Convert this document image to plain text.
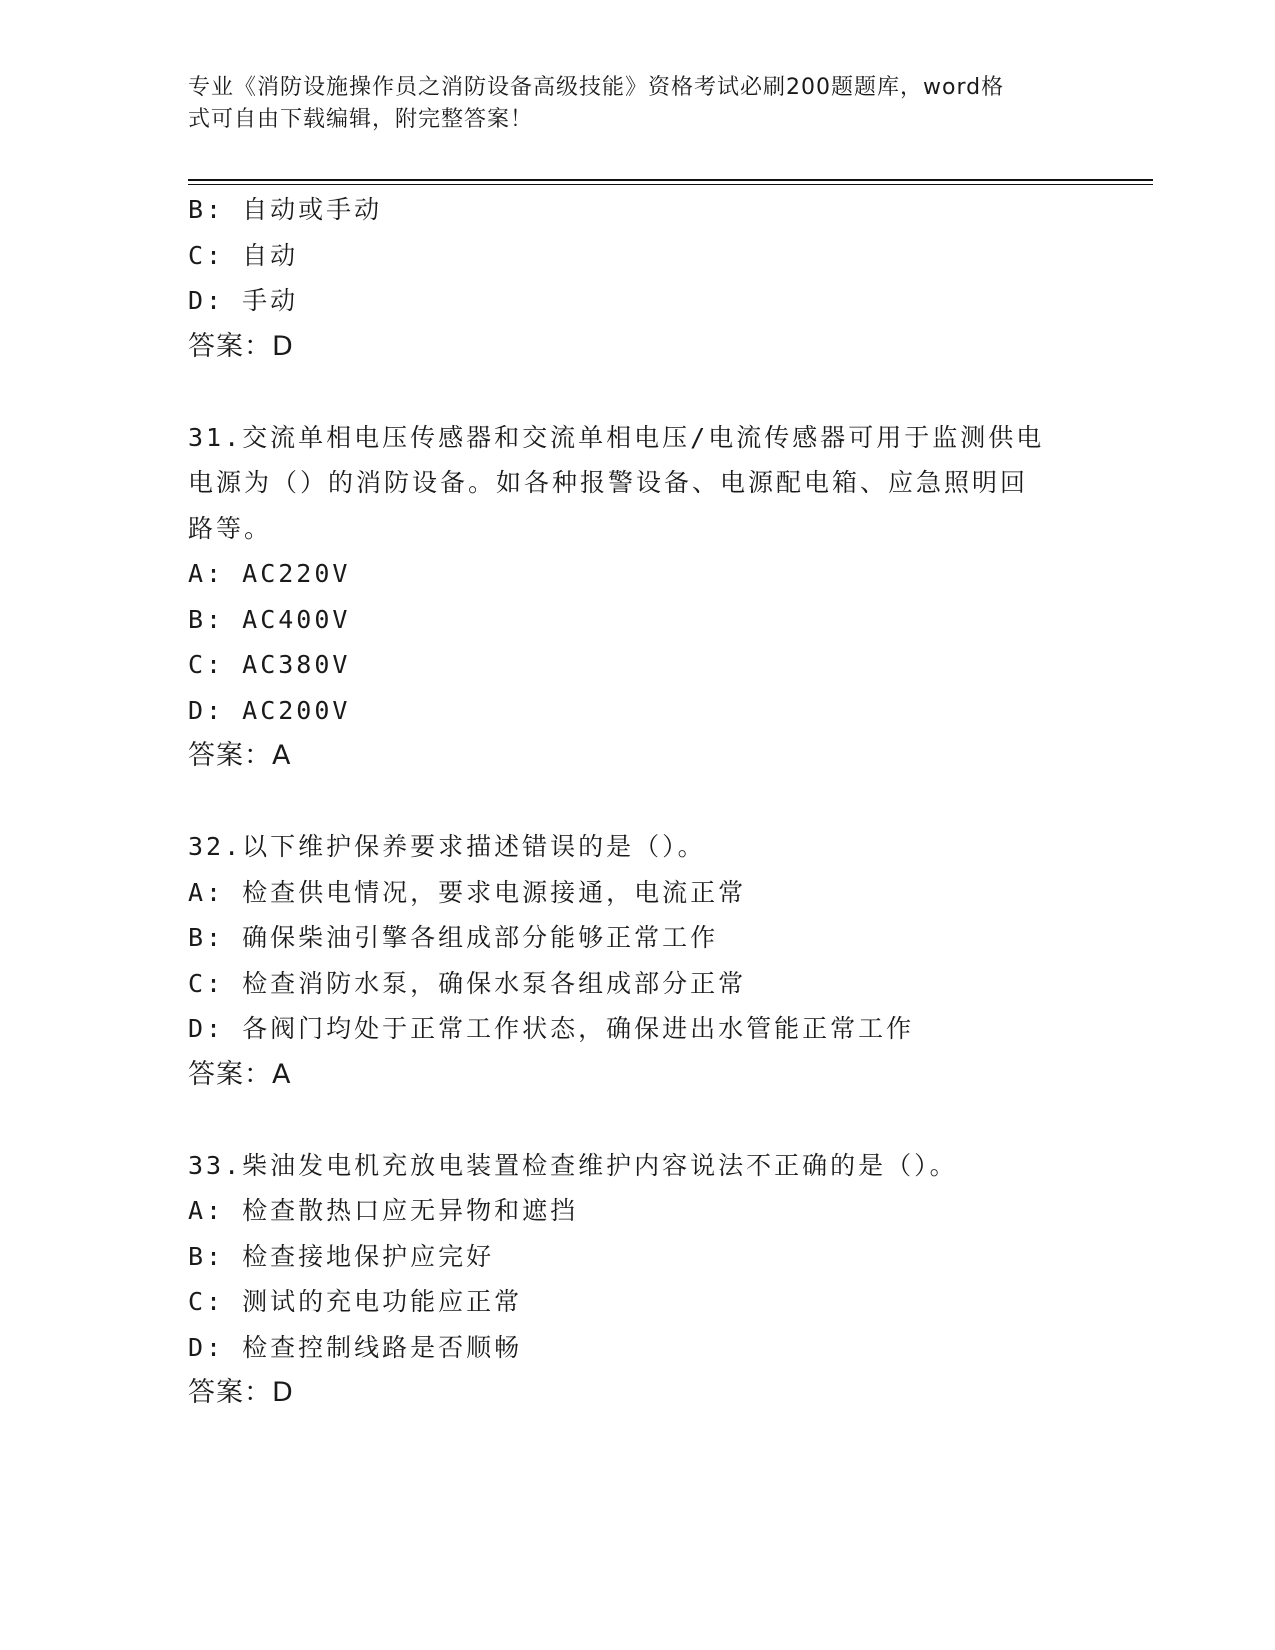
专业《消防设施操作员之消防设备高级技能》资格考试必刷200题题库，word格
式可自由下载编辑，附完整答案！
B: 自动或手动
C: 自动
D: 手动
答案：D
31.交流单相电压传感器和交流单相电压/电流传感器可用于监测供电
电源为（）的消防设备。如各种报警设备、电源配电箱、应急照明回
路等。
A: AC220V
B: AC400V
C: AC380V
D: AC200V
答案：A
32.以下维护保养要求描述错误的是（）。
A: 检查供电情况，要求电源接通，电流正常
B: 确保柴油引擎各组成部分能够正常工作
C: 检查消防水泵，确保水泵各组成部分正常
D: 各阀门均处于正常工作状态，确保进出水管能正常工作
答案：A
33.柴油发电机充放电装置检查维护内容说法不正确的是（）。
A: 检查散热口应无异物和遮挡
B: 检查接地保护应完好
C: 测试的充电功能应正常
D: 检查控制线路是否顺畅
答案：D
